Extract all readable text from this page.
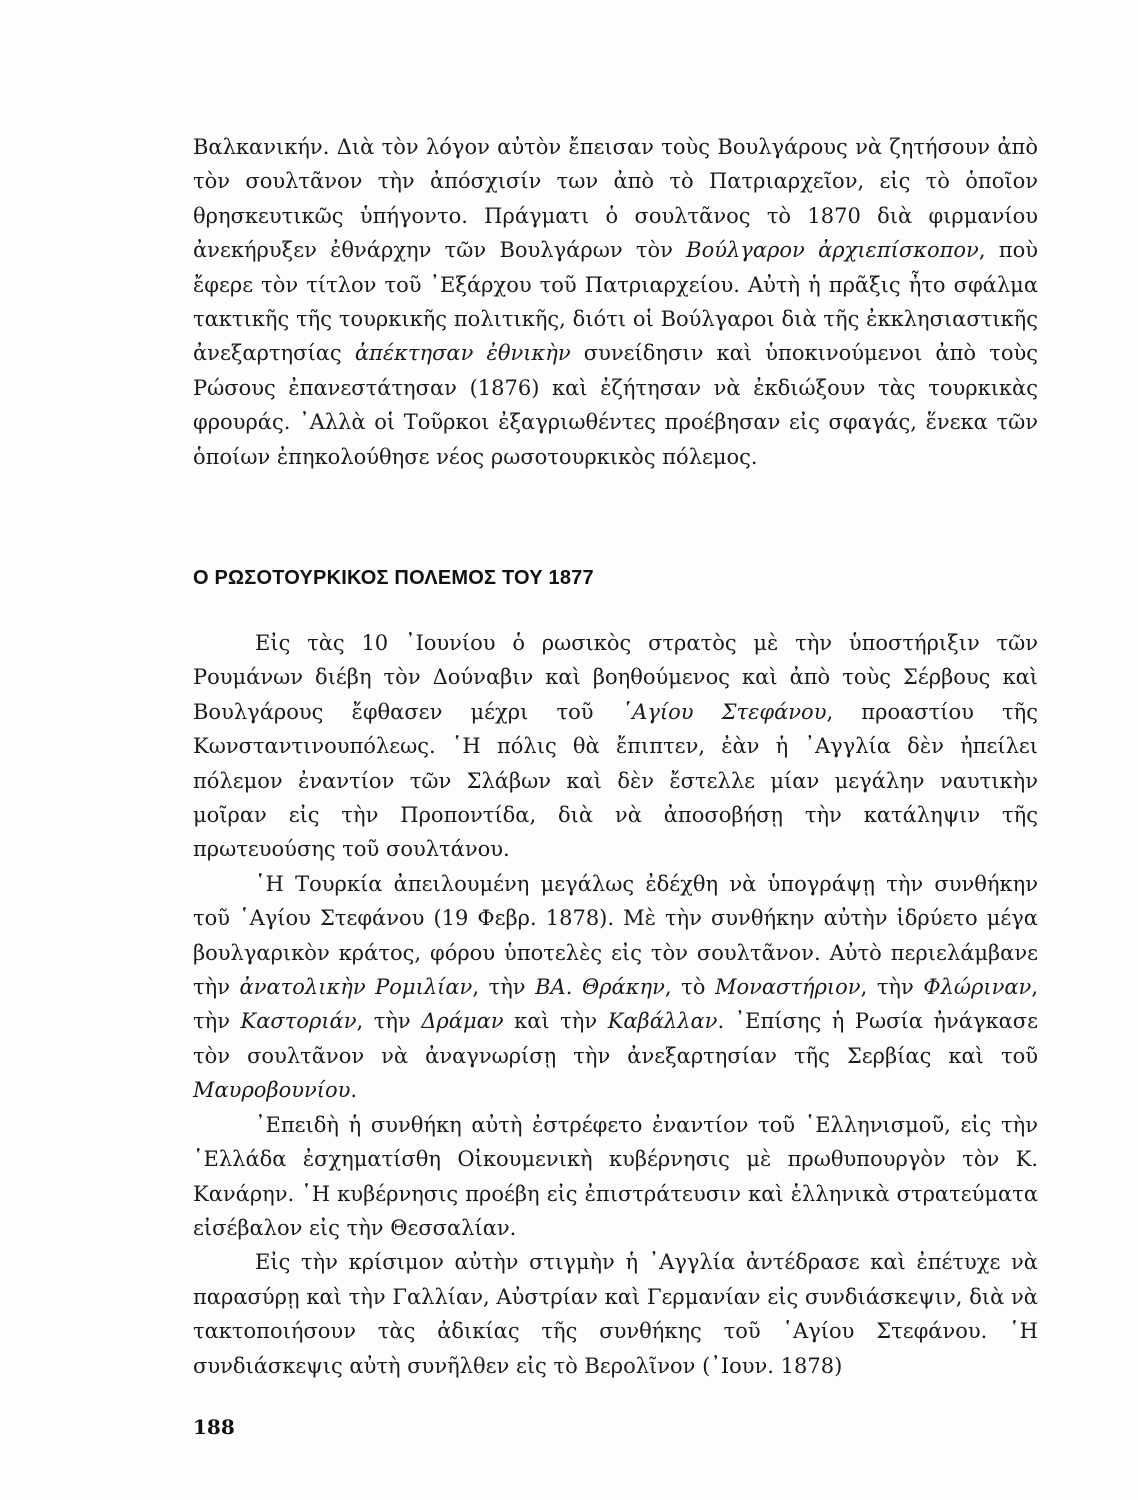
Βαλκανικήν. Διὰ τὸν λόγον αὐτὸν ἔπεισαν τοὺς Βουλγάρους νὰ ζητήσουν ἀπὸ τὸν σουλτᾶνον τὴν ἀπόσχισίν των ἀπὸ τὸ Πατριαρχεῖον, εἰς τὸ ὁποῖον θρησκευτικῶς ὑπήγοντο. Πράγματι ὁ σουλτᾶνος τὸ 1870 διὰ φιρμανίου ἀνεκήρυξεν ἐθνάρχην τῶν Βουλγάρων τὸν Βούλγαρον ἀρχιεπίσκοπον, ποὺ ἔφερε τὸν τίτλον τοῦ ᾿Εξάρχου τοῦ Πατριαρχείου. Αὐτὴ ἡ πρᾶξις ἦτο σφάλμα τακτικῆς τῆς τουρκικῆς πολιτικῆς, διότι οἱ Βούλγαροι διὰ τῆς ἐκκλησιαστικῆς ἀνεξαρτησίας ἀπέκτησαν ἐθνικὴν συνείδησιν καὶ ὑποκινούμενοι ἀπὸ τοὺς Ρώσους ἐπανεστάτησαν (1876) καὶ ἐζήτησαν νὰ ἐκδιώξουν τὰς τουρκικὰς φρουράς. ᾿Αλλὰ οἱ Τοῦρκοι ἐξαγριωθέντες προέβησαν εἰς σφαγάς, ἕνεκα τῶν ὁποίων ἐπηκολούθησε νέος ρωσοτουρκικὸς πόλεμος.

Ο ΡΩΣΟΤΟΥΡΚΙΚΟΣ ΠΟΛΕΜΟΣ ΤΟΥ 1877

Εἰς τὰς 10 ᾿Ιουνίου ὁ ρωσικὸς στρατὸς μὲ τὴν ὑποστήριξιν τῶν Ρουμάνων διέβη τὸν Δούναβιν καὶ βοηθούμενος καὶ ἀπὸ τοὺς Σέρβους καὶ Βουλγάρους ἔφθασεν μέχρι τοῦ ῾Αγίου Στεφάνου, προαστίου τῆς Κωνσταντινουπόλεως. ῾Η πόλις θὰ ἔπιπτεν, ἐὰν ἡ ᾿Αγγλία δὲν ἠπείλει πόλεμον ἐναντίον τῶν Σλάβων καὶ δὲν ἔστελλε μίαν μεγάλην ναυτικὴν μοῖραν εἰς τὴν Προποντίδα, διὰ νὰ ἀποσοβήσῃ τὴν κατάληψιν τῆς πρωτευούσης τοῦ σουλτάνου.

῾Η Τουρκία ἀπειλουμένη μεγάλως ἐδέχθη νὰ ὑπογράψῃ τὴν συνθήκην τοῦ ῾Αγίου Στεφάνου (19 Φεβρ. 1878). Μὲ τὴν συνθήκην αὐτὴν ἱδρύετο μέγα βουλγαρικὸν κράτος, φόρου ὑποτελὲς εἰς τὸν σουλτᾶνον. Αὐτὸ περιελάμβανε τὴν ἀνατολικὴν Ρομιλίαν, τὴν ΒΑ. Θράκην, τὸ Μοναστήριον, τὴν Φλώριναν, τὴν Καστοριάν, τὴν Δράμαν καὶ τὴν Καβάλλαν. ᾿Επίσης ἡ Ρωσία ἠνάγκασε τὸν σουλτᾶνον νὰ ἀναγνωρίσῃ τὴν ἀνεξαρτησίαν τῆς Σερβίας καὶ τοῦ Μαυροβουνίου.

᾿Επειδὴ ἡ συνθήκη αὐτὴ ἐστρέφετο ἐναντίον τοῦ ῾Ελληνισμοῦ, εἰς τὴν ῾Ελλάδα ἐσχηματίσθη Οἰκουμενικὴ κυβέρνησις μὲ πρωθυπουργὸν τὸν Κ. Κανάρην. ῾Η κυβέρνησις προέβη εἰς ἐπιστράτευσιν καὶ ἑλληνικὰ στρατεύματα εἰσέβαλον εἰς τὴν Θεσσαλίαν.

Εἰς τὴν κρίσιμον αὐτὴν στιγμὴν ἡ ᾿Αγγλία ἀντέδρασε καὶ ἐπέτυχε νὰ παρασύρῃ καὶ τὴν Γαλλίαν, Αὐστρίαν καὶ Γερμανίαν εἰς συνδιάσκεψιν, διὰ νὰ τακτοποιήσουν τὰς ἀδικίας τῆς συνθήκης τοῦ ῾Αγίου Στεφάνου. ῾Η συνδιάσκεψις αὐτὴ συνῆλθεν εἰς τὸ Βερολῖνον (᾿Ιουν. 1878)

188
